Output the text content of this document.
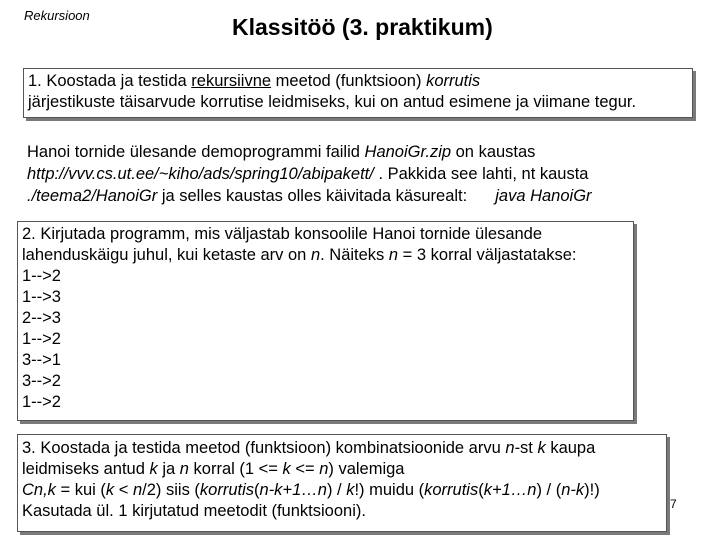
Rekursioon	Klassitöö (3. praktikum)
1. Koostada ja testida rekursiivne meetod (funktsioon) korrutis
järjestikuste täisarvude korrutise leidmiseks, kui on antud esimene ja viimane tegur.
Hanoi tornide ülesande demoprogrammi failid HanoiGr.zip on kaustas
http://vvv.cs.ut.ee/~kiho/ads/spring10/abipakett/ . Pakkida see lahti, nt kausta
./teema2/HanoiGr ja selles kaustas olles käivitada käsurealt: java HanoiGr
2. Kirjutada programm, mis väljastab konsoolile Hanoi tornide ülesande
lahenduskäigu juhul, kui ketaste arv on n. Näiteks n = 3 korral väljastatakse:
1-->2
1-->3
2-->3
1-->2
3-->1
3-->2
1-->2
3. Koostada ja testida meetod (funktsioon) kombinatsioonide arvu n-st k kaupa
leidmiseks antud k ja n korral (1 <= k <= n) valemiga
Cn,k = kui (k < n/2) siis (korrutis(n-k+1…n) / k!) muidu (korrutis(k+1…n) / (n-k)!)
Kasutada ül. 1 kirjutatud meetodit (funktsiooni).	7
